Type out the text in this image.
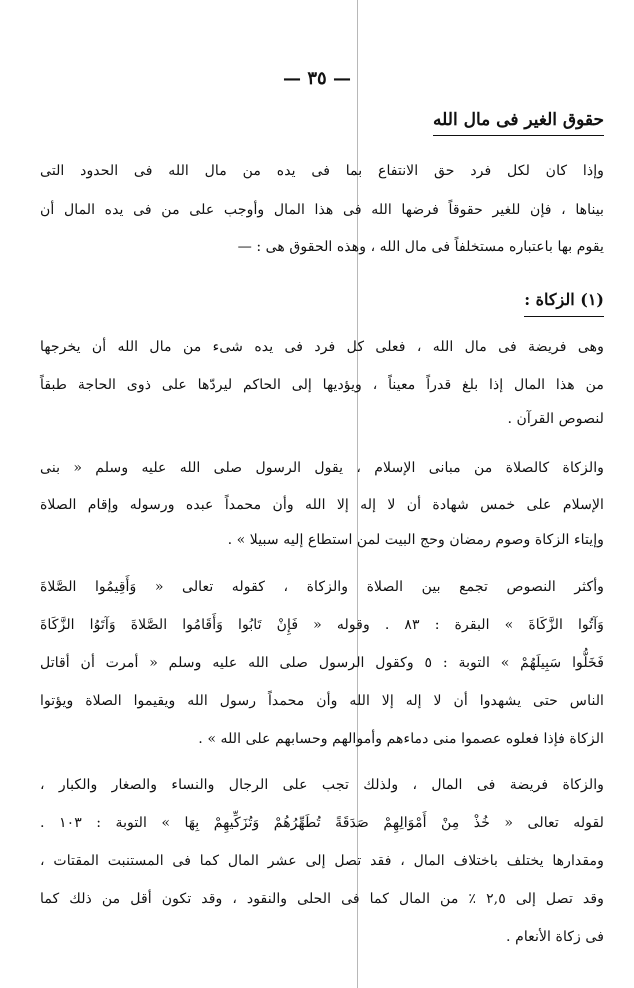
— ٣٥ —
حقوق الغير فى مال الله
وإذا كان لكل فرد حق الانتفاع بما فى يده من مال الله فى الحدود التى
بيناها ، فإن للغير حقوقاً فرضها الله فى هذا المال وأوجب على من فى يده المال أن
يقوم بها باعتباره مستخلفاً فى مال الله ، وهذه الحقوق هى : —
(١) الزكاة :
وهى فريضة فى مال الله ، فعلى كل فرد فى يده شىء من مال الله أن يخرجها
من هذا المال إذا بلغ قدراً معيناً ، ويؤديها إلى الحاكم ليردّها على ذوى الحاجة طبقاً
لنصوص القرآن .
والزكاة كالصلاة من مبانى الإسلام ، يقول الرسول صلى الله عليه وسلم « بنى
الإسلام على خمس شهادة أن لا إله إلا الله وأن محمداً عبده ورسوله وإقام الصلاة
وإيتاء الزكاة وصوم رمضان وحج البيت لمن استطاع إليه سبيلا » .
وأكثر النصوص تجمع بين الصلاة والزكاة ، كقوله تعالى « وَأَقِيمُوا الصَّلاةَ
وَآتُوا الزَّكَاةَ » البقرة : ٨٣ . وقوله « فَإِنْ تَابُوا وَأَقَامُوا الصَّلاةَ وَآتَوُا الزَّكَاةَ
فَخَلُّوا سَبِيلَهُمْ » التوبة : ٥ وكقول الرسول صلى الله عليه وسلم « أمرت أن أقاتل
الناس حتى يشهدوا أن لا إله إلا الله وأن محمداً رسول الله ويقيموا الصلاة ويؤتوا
الزكاة فإذا فعلوه عصموا منى دماءهم وأموالهم وحسابهم على الله » .
والزكاة فريضة فى المال ، ولذلك تجب على الرجال والنساء والصغار والكبار ،
لقوله تعالى « خُذْ مِنْ أَمْوَالِهِمْ صَدَقَةً تُطَهِّرُهُمْ وَتُزَكِّيهِمْ بِهَا » التوبة : ١٠٣ .
ومقدارها يختلف باختلاف المال ، فقد تصل إلى عشر المال كما فى المستنبت المقتات ،
وقد تصل إلى ٢,٥ ٪ من المال كما فى الحلى والنقود ، وقد تكون أقل من ذلك كما
فى زكاة الأنعام .
